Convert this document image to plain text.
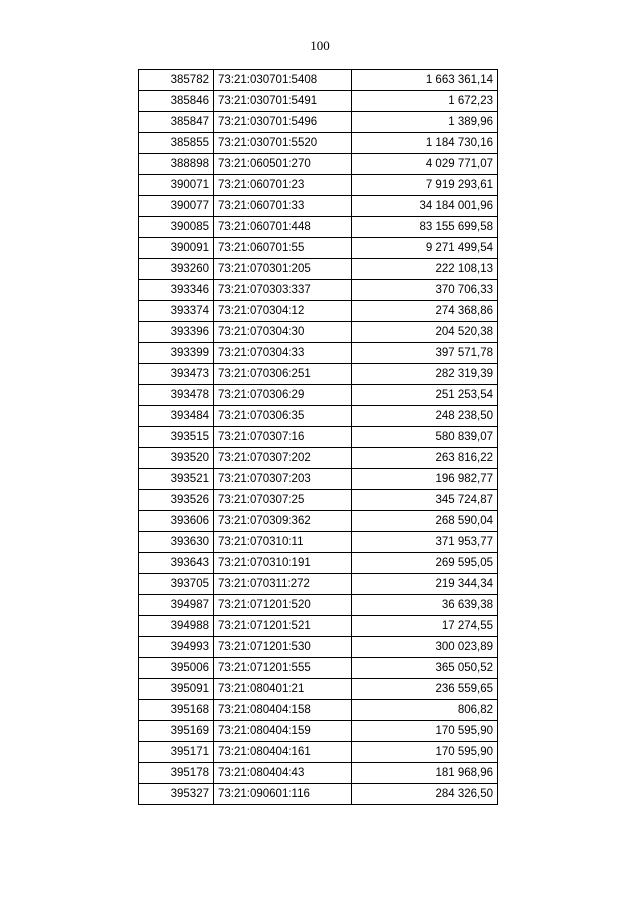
100
385782	73:21:030701:5408	1 663 361,14
385846	73:21:030701:5491	1 672,23
385847	73:21:030701:5496	1 389,96
385855	73:21:030701:5520	1 184 730,16
388898	73:21:060501:270	4 029 771,07
390071	73:21:060701:23	7 919 293,61
390077	73:21:060701:33	34 184 001,96
390085	73:21:060701:448	83 155 699,58
390091	73:21:060701:55	9 271 499,54
393260	73:21:070301:205	222 108,13
393346	73:21:070303:337	370 706,33
393374	73:21:070304:12	274 368,86
393396	73:21:070304:30	204 520,38
393399	73:21:070304:33	397 571,78
393473	73:21:070306:251	282 319,39
393478	73:21:070306:29	251 253,54
393484	73:21:070306:35	248 238,50
393515	73:21:070307:16	580 839,07
393520	73:21:070307:202	263 816,22
393521	73:21:070307:203	196 982,77
393526	73:21:070307:25	345 724,87
393606	73:21:070309:362	268 590,04
393630	73:21:070310:11	371 953,77
393643	73:21:070310:191	269 595,05
393705	73:21:070311:272	219 344,34
394987	73:21:071201:520	36 639,38
394988	73:21:071201:521	17 274,55
394993	73:21:071201:530	300 023,89
395006	73:21:071201:555	365 050,52
395091	73:21:080401:21	236 559,65
395168	73:21:080404:158	806,82
395169	73:21:080404:159	170 595,90
395171	73:21:080404:161	170 595,90
395178	73:21:080404:43	181 968,96
395327	73:21:090601:116	284 326,50
